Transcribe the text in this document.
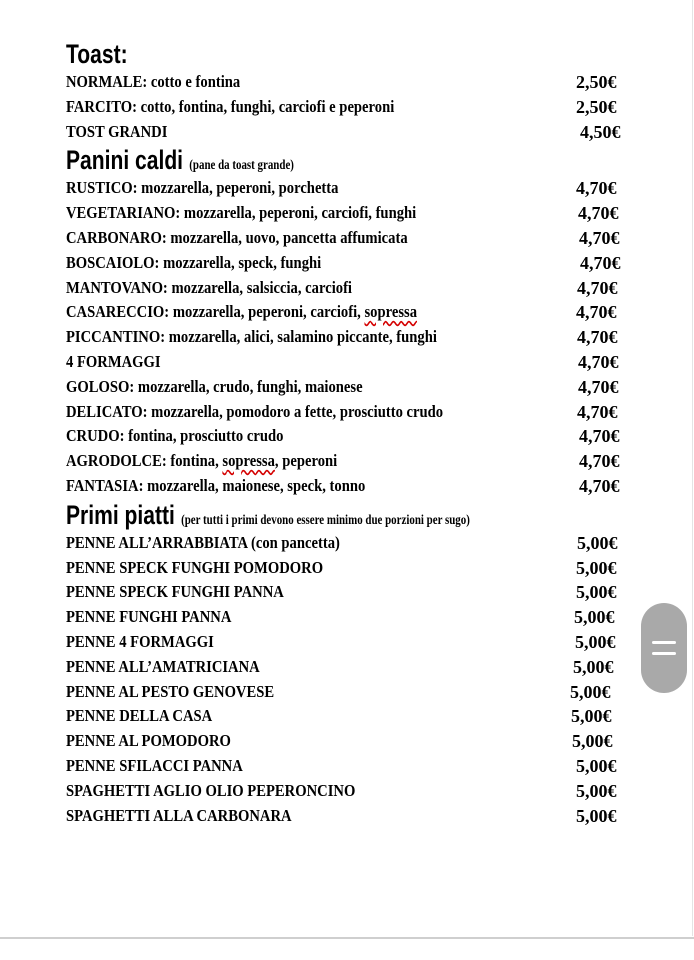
Toast:
NORMALE: cotto e fontina	2,50€
FARCITO: cotto, fontina, funghi, carciofi e peperoni	2,50€
TOST GRANDI	4,50€
Panini caldi (pane da toast grande)
RUSTICO: mozzarella, peperoni, porchetta	4,70€
VEGETARIANO: mozzarella, peperoni, carciofi, funghi	4,70€
CARBONARO: mozzarella, uovo, pancetta affumicata	4,70€
BOSCAIOLO: mozzarella, speck, funghi	4,70€
MANTOVANO: mozzarella, salsiccia, carciofi	4,70€
CASARECCIO: mozzarella, peperoni, carciofi, sopressa	4,70€
PICCANTINO: mozzarella, alici, salamino piccante, funghi	4,70€
4 FORMAGGI	4,70€
GOLOSO: mozzarella, crudo, funghi, maionese	4,70€
DELICATO: mozzarella, pomodoro a fette, prosciutto crudo	4,70€
CRUDO: fontina, prosciutto crudo	4,70€
AGRODOLCE: fontina, sopressa, peperoni	4,70€
FANTASIA: mozzarella, maionese, speck, tonno	4,70€
Primi piatti (per tutti i primi devono essere minimo due porzioni per sugo)
PENNE ALL’ARRABBIATA (con pancetta)	5,00€
PENNE SPECK FUNGHI POMODORO	5,00€
PENNE SPECK FUNGHI PANNA	5,00€
PENNE FUNGHI PANNA	5,00€
PENNE 4 FORMAGGI	5,00€
PENNE ALL’AMATRICIANA	5,00€
PENNE AL PESTO GENOVESE	5,00€
PENNE DELLA CASA	5,00€
PENNE AL POMODORO	5,00€
PENNE SFILACCI PANNA	5,00€
SPAGHETTI AGLIO OLIO PEPERONCINO	5,00€
SPAGHETTI ALLA CARBONARA	5,00€
